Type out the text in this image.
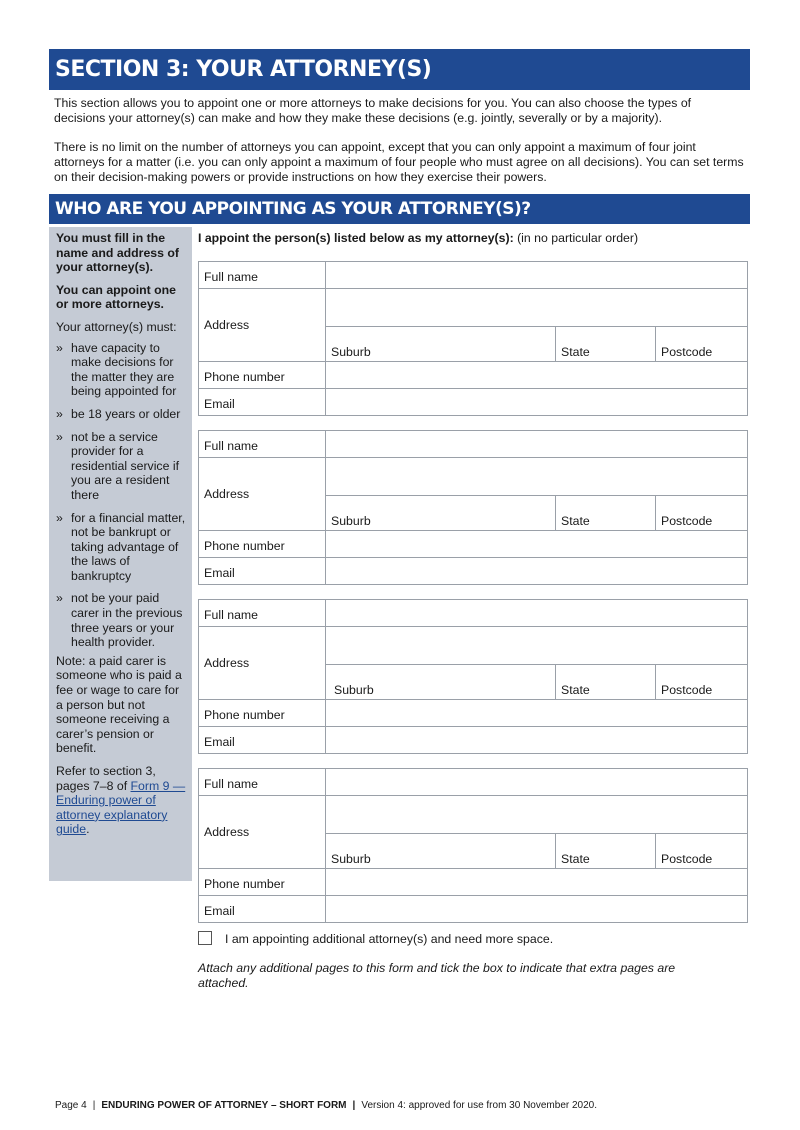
SECTION 3: YOUR ATTORNEY(S)

This section allows you to appoint one or more attorneys to make decisions for you. You can also choose the types of decisions your attorney(s) can make and how they make these decisions (e.g. jointly, severally or by a majority).

There is no limit on the number of attorneys you can appoint, except that you can only appoint a maximum of four joint attorneys for a matter (i.e. you can only appoint a maximum of four people who must agree on all decisions). You can set terms on their decision-making powers or provide instructions on how they exercise their powers.

WHO ARE YOU APPOINTING AS YOUR ATTORNEY(S)?

You must fill in the name and address of your attorney(s).

You can appoint one or more attorneys.

Your attorney(s) must:

» have capacity to make decisions for the matter they are being appointed for
» be 18 years or older
» not be a service provider for a residential service if you are a resident there
» for a financial matter, not be bankrupt or taking advantage of the laws of bankruptcy
» not be your paid carer in the previous three years or your health provider.

Note: a paid carer is someone who is paid a fee or wage to care for a person but not someone receiving a carer’s pension or benefit.

Refer to section 3, pages 7–8 of Form 9 — Enduring power of attorney explanatory guide.

I appoint the person(s) listed below as my attorney(s): (in no particular order)
Full name
Address
Suburb	State	Postcode
Phone number
Email
Full name
Address
Suburb	State	Postcode
Phone number
Email
Full name
Address
Suburb	State	Postcode
Phone number
Email
Full name
Address
Suburb	State	Postcode
Phone number
Email
I am appointing additional attorney(s) and need more space.
Attach any additional pages to this form and tick the box to indicate that extra pages are attached.
Page 4 | ENDURING POWER OF ATTORNEY – SHORT FORM | Version 4: approved for use from 30 November 2020.
